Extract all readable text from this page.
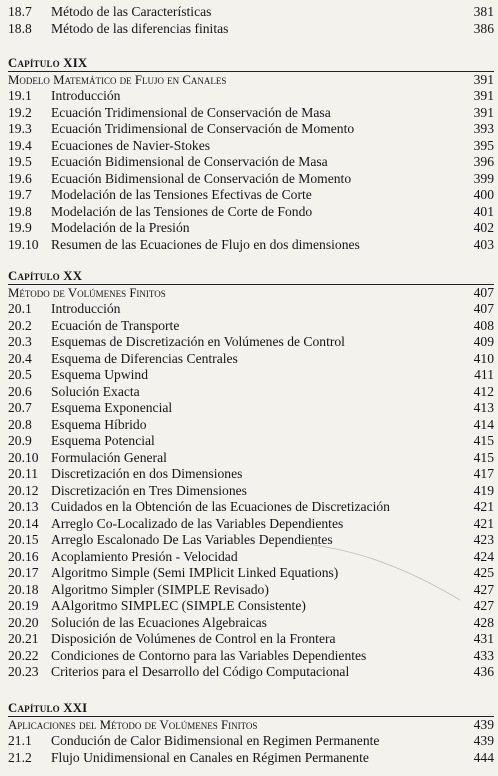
18.7 Método de las Características	381
18.8 Método de las diferencias finitas	386
Capítulo XIX
Modelo Matemático de Flujo en Canales	391
19.1 Introducción	391
19.2 Ecuación Tridimensional de Conservación de Masa	391
19.3 Ecuación Tridimensional de Conservación de Momento	393
19.4 Ecuaciones de Navier-Stokes	395
19.5 Ecuación Bidimensional de Conservación de Masa	396
19.6 Ecuación Bidimensional de Conservación de Momento	399
19.7 Modelación de las Tensiones Efectivas de Corte	400
19.8 Modelación de las Tensiones de Corte de Fondo	401
19.9 Modelación de la Presión	402
19.10 Resumen de las Ecuaciones de Flujo en dos dimensiones	403
Capítulo XX
Método de Volúmenes Finitos	407
20.1 Introducción	407
20.2 Ecuación de Transporte	408
20.3 Esquemas de Discretización en Volúmenes de Control	409
20.4 Esquema de Diferencias Centrales	410
20.5 Esquema Upwind	411
20.6 Solución Exacta	412
20.7 Esquema Exponencial	413
20.8 Esquema Híbrido	414
20.9 Esquema Potencial	415
20.10 Formulación General	415
20.11 Discretización en dos Dimensiones	417
20.12 Discretización en Tres Dimensiones	419
20.13 Cuidados en la Obtención de las Ecuaciones de Discretización	421
20.14 Arreglo Co-Localizado de las Variables Dependientes	421
20.15 Arreglo Escalonado De Las Variables Dependientes	423
20.16 Acoplamiento Presión - Velocidad	424
20.17 Algoritmo Simple (Semi IMPlicit Linked Equations)	425
20.18 Algoritmo Simpler (SIMPLE Revisado)	427
20.19 AAlgoritmo SIMPLEC (SIMPLE Consistente)	427
20.20 Solución de las Ecuaciones Algebraicas	428
20.21 Disposición de Volúmenes de Control en la Frontera	431
20.22 Condiciones de Contorno para las Variables Dependientes	433
20.23 Criterios para el Desarrollo del Código Computacional	436
Capítulo XXI
Aplicaciones del Método de Volúmenes Finitos	439
21.1 Condución de Calor Bidimensional en Regimen Permanente	439
21.2 Flujo Unidimensional en Canales en Régimen Permanente	444
